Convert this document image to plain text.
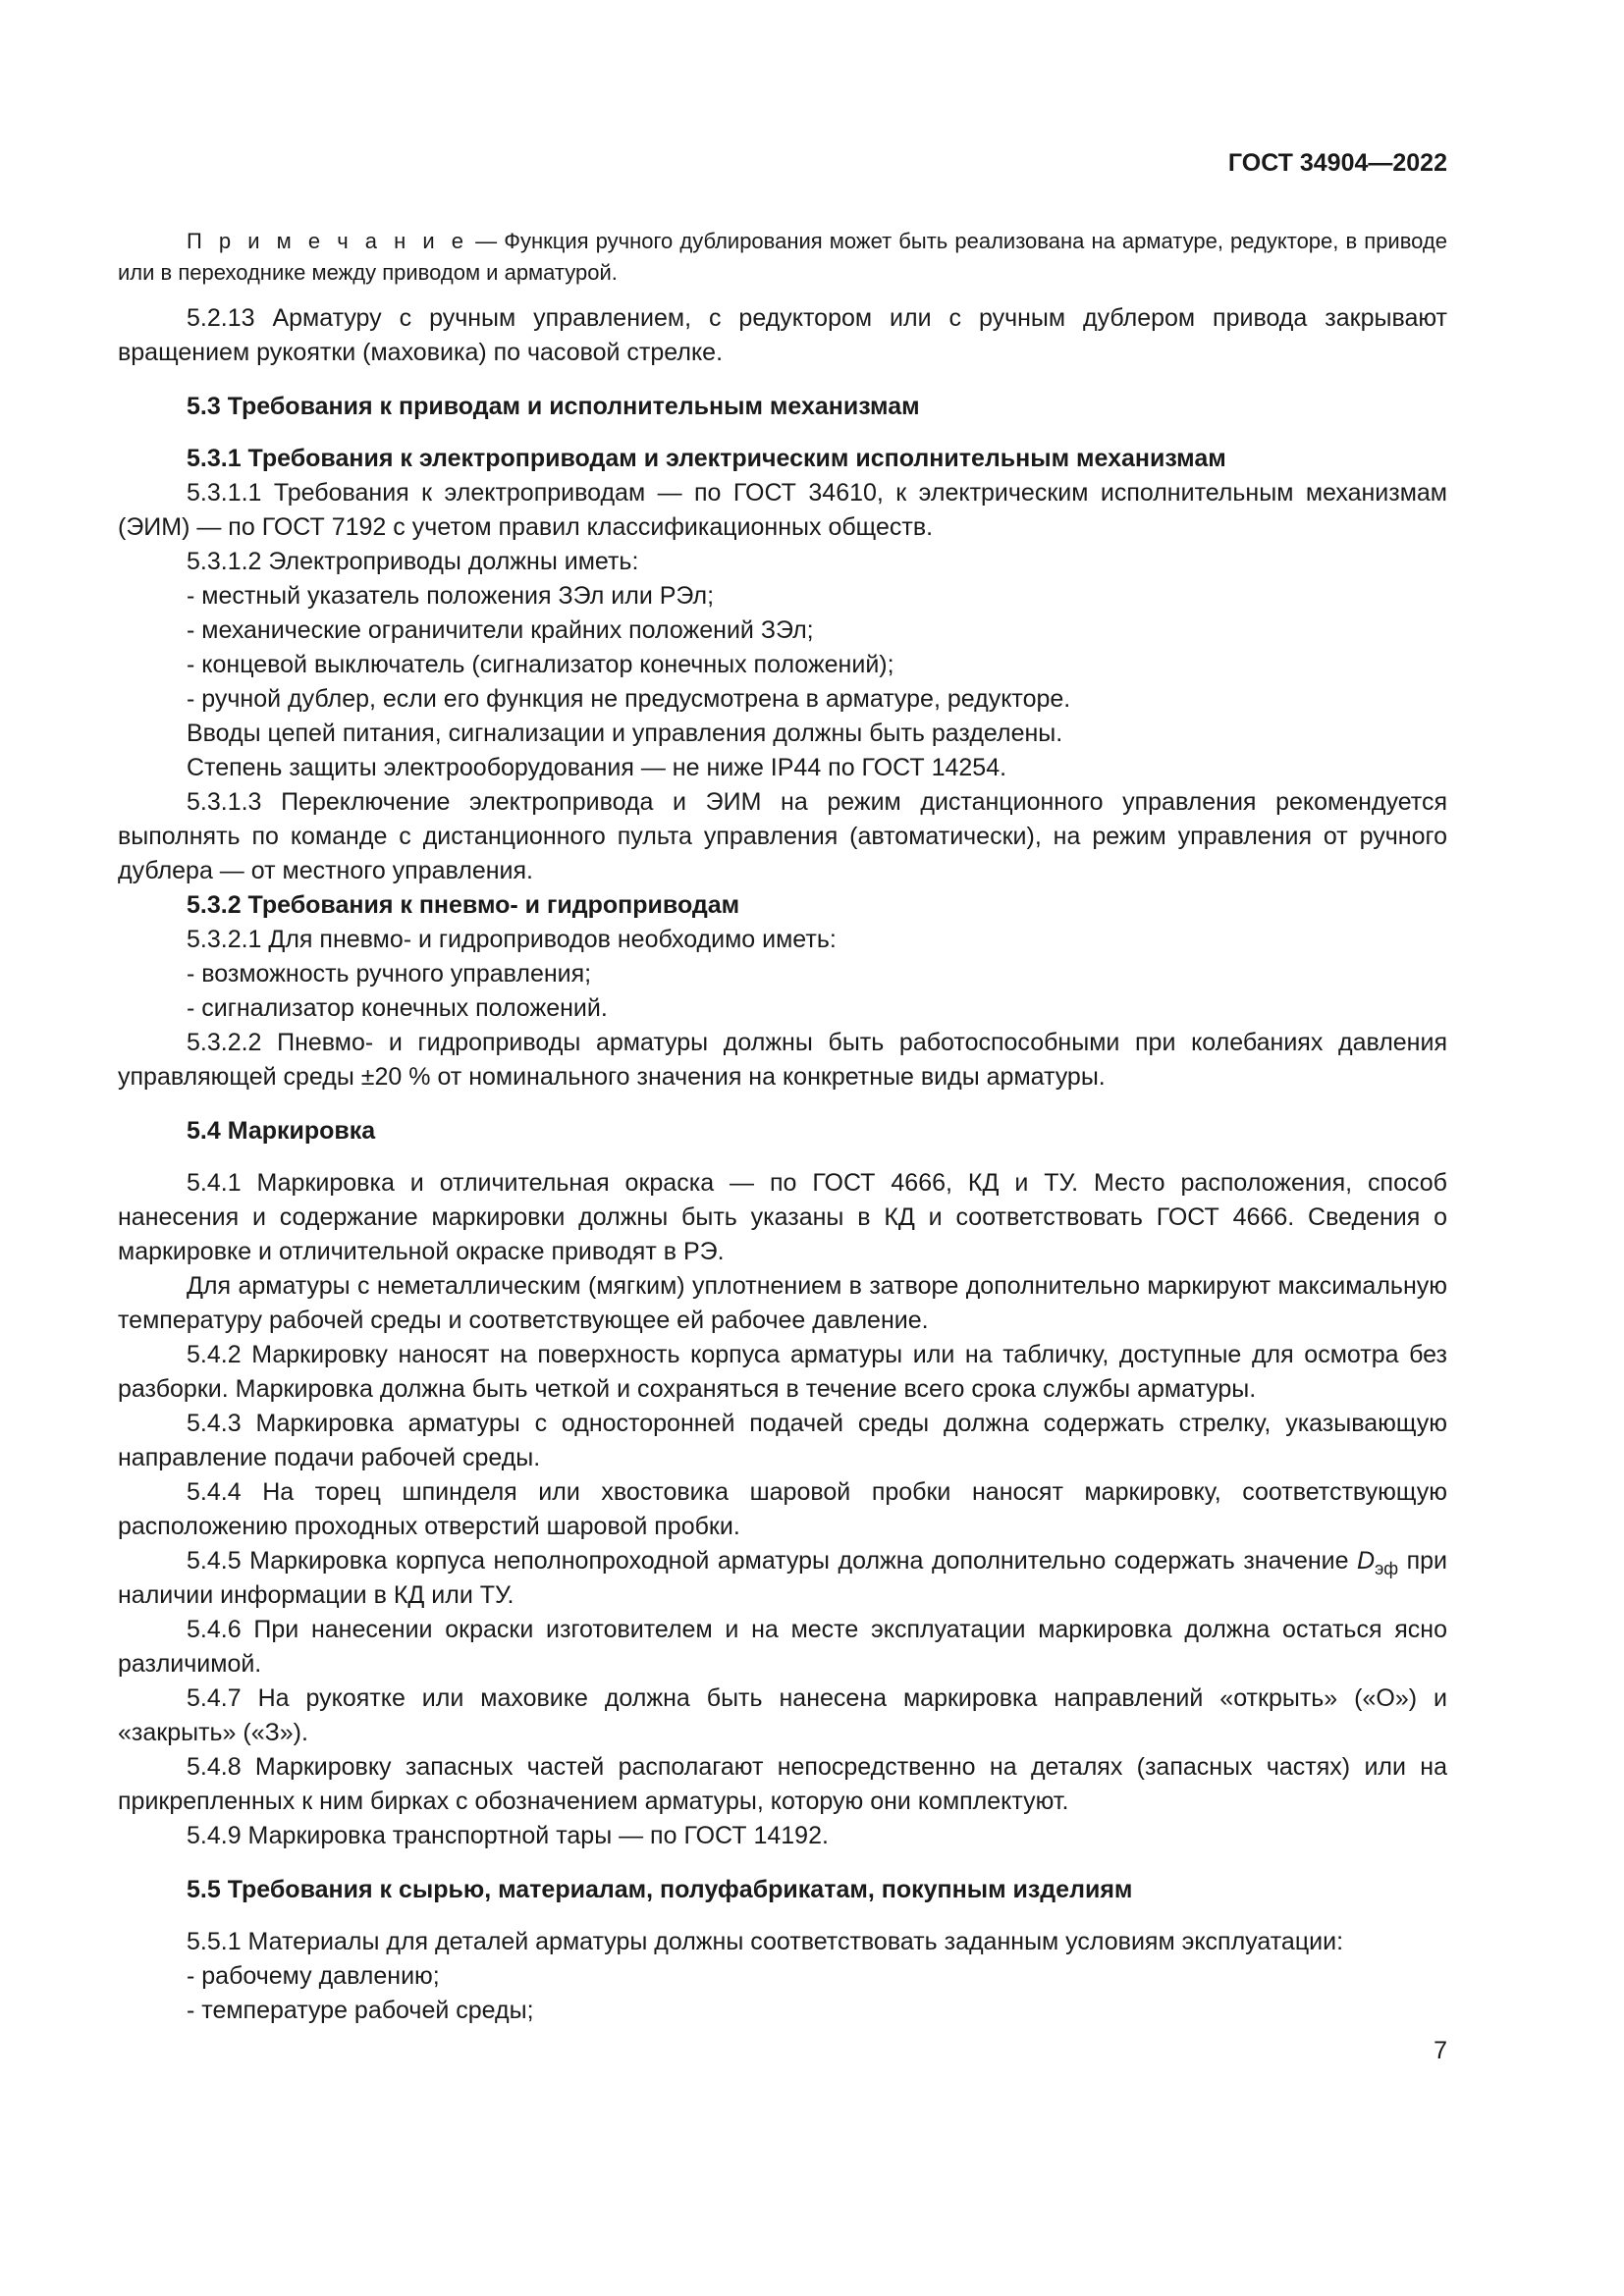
ГОСТ 34904—2022

П р и м е ч а н и е — Функция ручного дублирования может быть реализована на арматуре, редукторе, в приводе или в переходнике между приводом и арматурой.

5.2.13 Арматуру с ручным управлением, с редуктором или с ручным дублером привода закрывают вращением рукоятки (маховика) по часовой стрелке.

5.3 Требования к приводам и исполнительным механизмам

5.3.1 Требования к электроприводам и электрическим исполнительным механизмам

5.3.1.1 Требования к электроприводам — по ГОСТ 34610, к электрическим исполнительным механизмам (ЭИМ) — по ГОСТ 7192 с учетом правил классификационных обществ.

5.3.1.2 Электроприводы должны иметь:

- местный указатель положения ЗЭл или РЭл;

- механические ограничители крайних положений ЗЭл;

- концевой выключатель (сигнализатор конечных положений);

- ручной дублер, если его функция не предусмотрена в арматуре, редукторе.

Вводы цепей питания, сигнализации и управления должны быть разделены.

Степень защиты электрооборудования — не ниже IP44 по ГОСТ 14254.

5.3.1.3 Переключение электропривода и ЭИМ на режим дистанционного управления рекомендуется выполнять по команде с дистанционного пульта управления (автоматически), на режим управления от ручного дублера — от местного управления.

5.3.2 Требования к пневмо- и гидроприводам

5.3.2.1 Для пневмо- и гидроприводов необходимо иметь:

- возможность ручного управления;

- сигнализатор конечных положений.

5.3.2.2 Пневмо- и гидроприводы арматуры должны быть работоспособными при колебаниях давления управляющей среды ±20 % от номинального значения на конкретные виды арматуры.

5.4 Маркировка

5.4.1 Маркировка и отличительная окраска — по ГОСТ 4666, КД и ТУ. Место расположения, способ нанесения и содержание маркировки должны быть указаны в КД и соответствовать ГОСТ 4666. Сведения о маркировке и отличительной окраске приводят в РЭ.

Для арматуры с неметаллическим (мягким) уплотнением в затворе дополнительно маркируют максимальную температуру рабочей среды и соответствующее ей рабочее давление.

5.4.2 Маркировку наносят на поверхность корпуса арматуры или на табличку, доступные для осмотра без разборки. Маркировка должна быть четкой и сохраняться в течение всего срока службы арматуры.

5.4.3 Маркировка арматуры с односторонней подачей среды должна содержать стрелку, указывающую направление подачи рабочей среды.

5.4.4 На торец шпинделя или хвостовика шаровой пробки наносят маркировку, соответствующую расположению проходных отверстий шаровой пробки.

5.4.5 Маркировка корпуса неполнопроходной арматуры должна дополнительно содержать значение $D_{эф}$ при наличии информации в КД или ТУ.

5.4.6 При нанесении окраски изготовителем и на месте эксплуатации маркировка должна остаться ясно различимой.

5.4.7 На рукоятке или маховике должна быть нанесена маркировка направлений «открыть» («О») и «закрыть» («З»).

5.4.8 Маркировку запасных частей располагают непосредственно на деталях (запасных частях) или на прикрепленных к ним бирках с обозначением арматуры, которую они комплектуют.

5.4.9 Маркировка транспортной тары — по ГОСТ 14192.

5.5 Требования к сырью, материалам, полуфабрикатам, покупным изделиям

5.5.1 Материалы для деталей арматуры должны соответствовать заданным условиям эксплуатации:

- рабочему давлению;

- температуре рабочей среды;

7
